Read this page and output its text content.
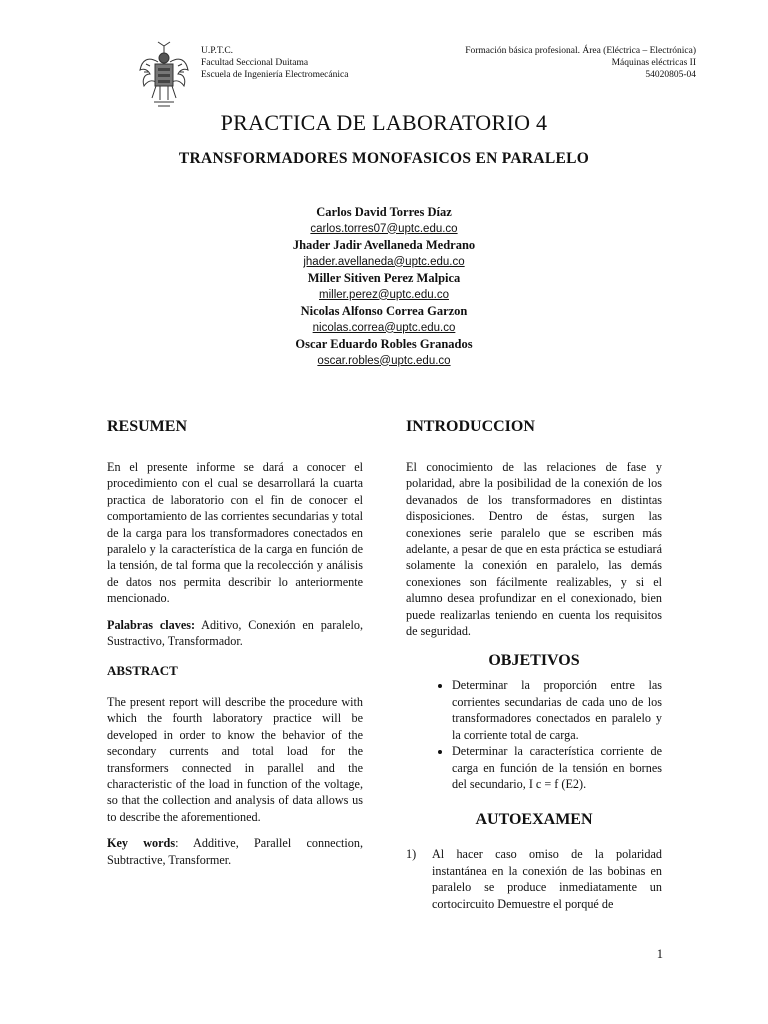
U.P.T.C.
Facultad Seccional Duitama
Escuela de Ingeniería Electromecánica
Formación básica profesional. Área (Eléctrica – Electrónica)
Máquinas eléctricas II
54020805-04
PRACTICA DE LABORATORIO 4
TRANSFORMADORES MONOFASICOS EN PARALELO
Carlos David Torres Díaz
carlos.torres07@uptc.edu.co
Jhader Jadir Avellaneda Medrano
jhader.avellaneda@uptc.edu.co
Miller Sitiven Perez Malpica
miller.perez@uptc.edu.co
Nicolas Alfonso Correa Garzon
nicolas.correa@uptc.edu.co
Oscar Eduardo Robles Granados
oscar.robles@uptc.edu.co
RESUMEN

En el presente informe se dará a conocer el procedimiento con el cual se desarrollará la cuarta practica de laboratorio con el fin de conocer el comportamiento de las corrientes secundarias y total de la carga para los transformadores conectados en paralelo y la característica de la carga en función de la tensión, de tal forma que la recolección y análisis de datos nos permita describir lo anteriormente mencionado.

Palabras claves: Aditivo, Conexión en paralelo, Sustractivo, Transformador.

ABSTRACT

The present report will describe the procedure with which the fourth laboratory practice will be developed in order to know the behavior of the secondary currents and total load for the transformers connected in parallel and the characteristic of the load in function of the voltage, so that the collection and analysis of data allows us to describe the aforementioned.

Key words: Additive, Parallel connection, Subtractive, Transformer.

INTRODUCCION

El conocimiento de las relaciones de fase y polaridad, abre la posibilidad de la conexión de los devanados de los transformadores en distintas disposiciones. Dentro de éstas, surgen las conexiones serie paralelo que se escriben más adelante, a pesar de que en esta práctica se estudiará solamente la conexión en paralelo, las demás conexiones son fácilmente realizables, y si el alumno desea profundizar en el conexionado, bien puede realizarlas teniendo en cuenta los requisitos de seguridad.

OBJETIVOS
• Determinar la proporción entre las corrientes secundarias de cada uno de los transformadores conectados en paralelo y la corriente total de carga.
• Determinar la característica corriente de carga en función de la tensión en bornes del secundario, I c = f (E2).
AUTOEXAMEN
1)	Al hacer caso omiso de la polaridad instantánea en la conexión de las bobinas en paralelo se produce inmediatamente un cortocircuito Demuestre el porqué de
1
